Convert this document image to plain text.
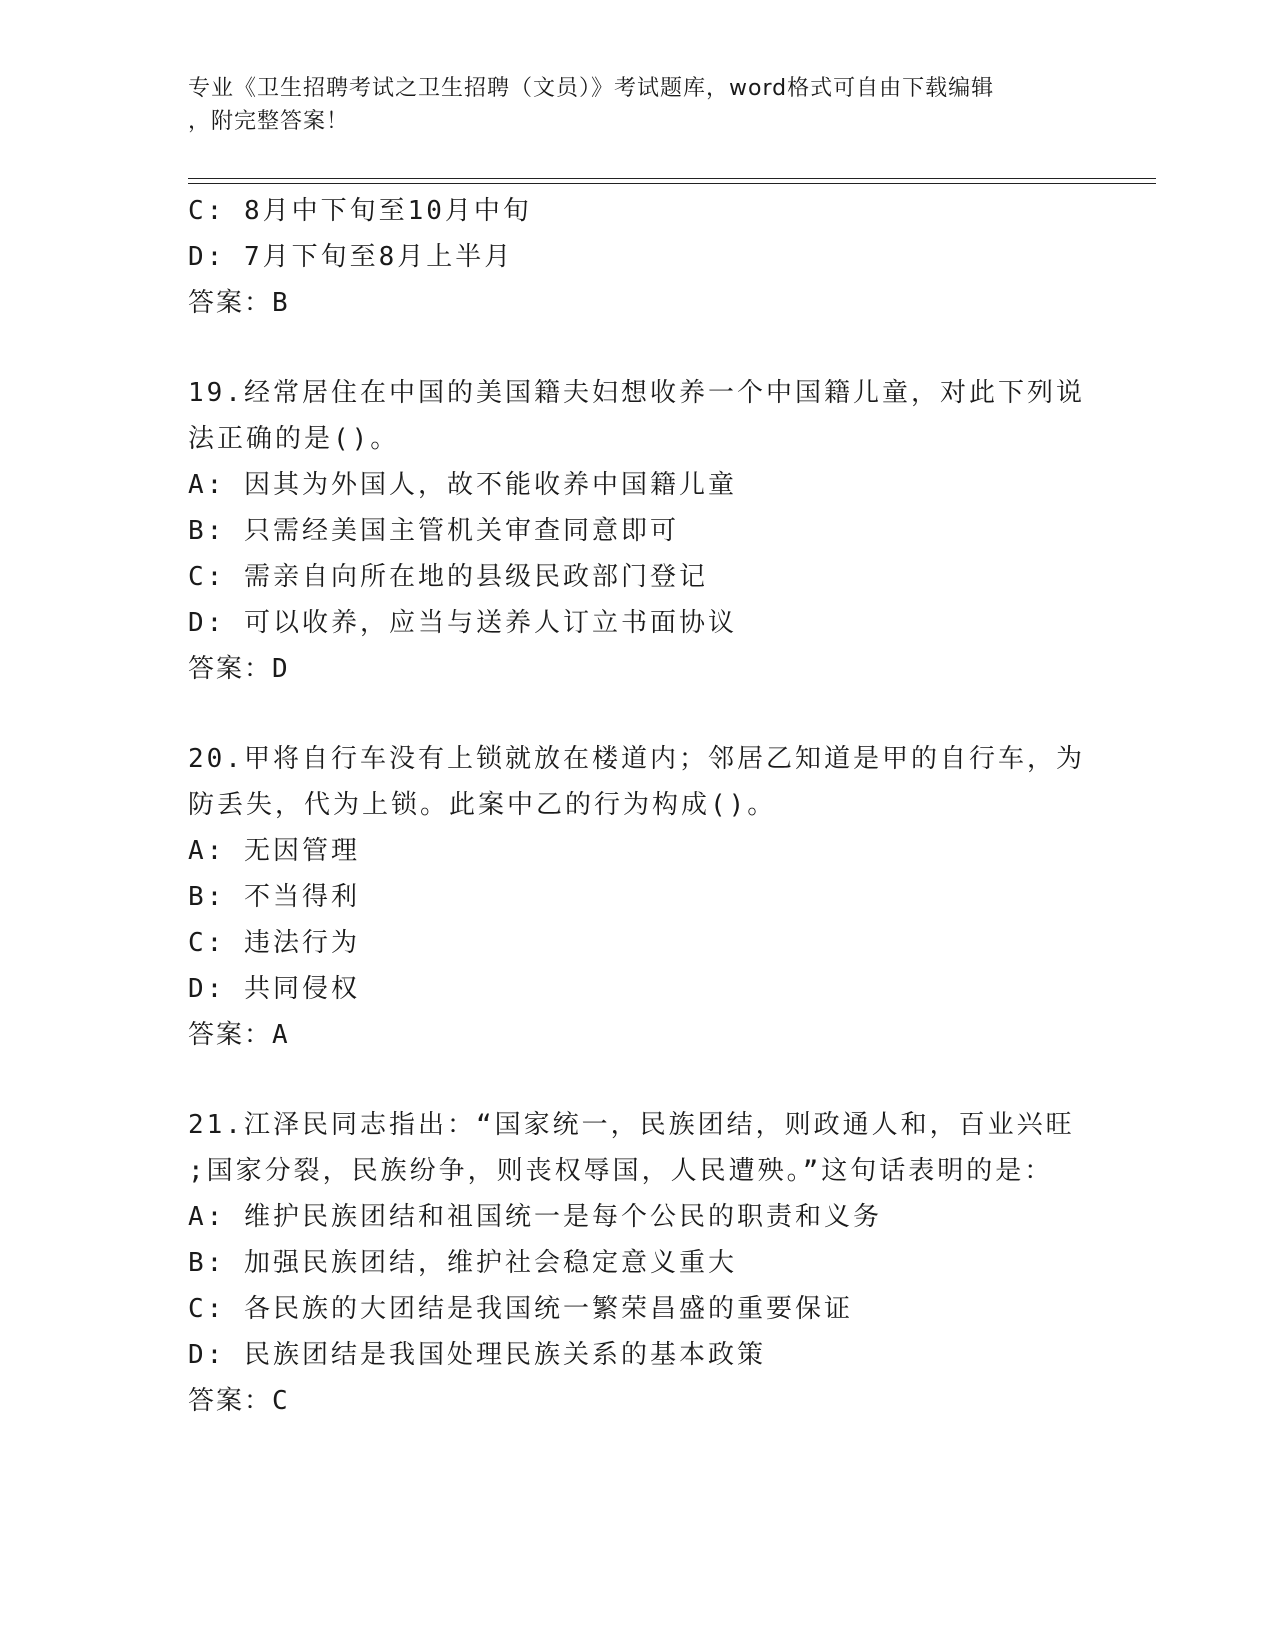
专业《卫生招聘考试之卫生招聘（文员）》考试题库，word格式可自由下载编辑
，附完整答案！
C: 8月中下旬至10月中旬
D: 7月下旬至8月上半月
答案：B
19.经常居住在中国的美国籍夫妇想收养一个中国籍儿童，对此下列说
法正确的是()。
A: 因其为外国人，故不能收养中国籍儿童
B: 只需经美国主管机关审查同意即可
C: 需亲自向所在地的县级民政部门登记
D: 可以收养，应当与送养人订立书面协议
答案：D
20.甲将自行车没有上锁就放在楼道内；邻居乙知道是甲的自行车，为
防丢失，代为上锁。此案中乙的行为构成()。
A: 无因管理
B: 不当得利
C: 违法行为
D: 共同侵权
答案：A
21.江泽民同志指出：“国家统一，民族团结，则政通人和，百业兴旺
;国家分裂，民族纷争，则丧权辱国，人民遭殃。”这句话表明的是：
A: 维护民族团结和祖国统一是每个公民的职责和义务
B: 加强民族团结，维护社会稳定意义重大
C: 各民族的大团结是我国统一繁荣昌盛的重要保证
D: 民族团结是我国处理民族关系的基本政策
答案：C
